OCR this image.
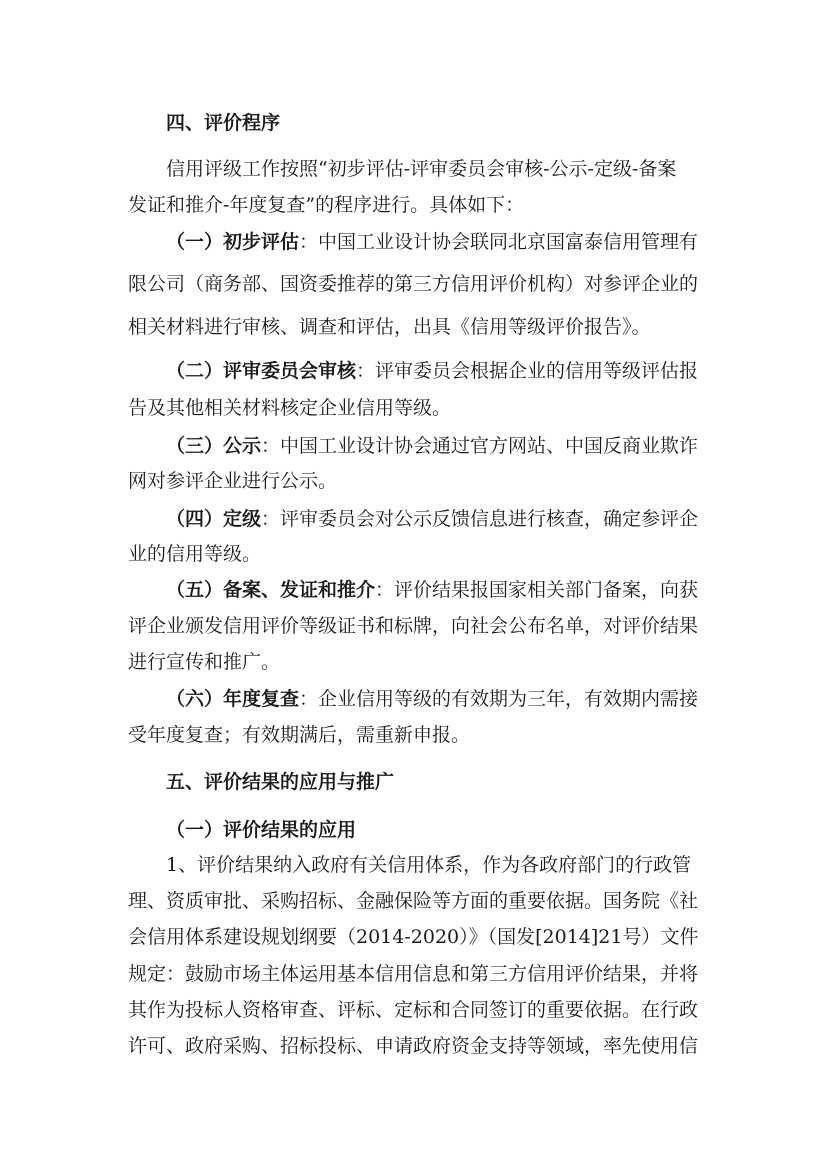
四、评价程序
信用评级工作按照“初步评估-评审委员会审核-公示-定级-备案
发证和推介-年度复查”的程序进行。具体如下：
（一）初步评估：中国工业设计协会联同北京国富泰信用管理有
限公司（商务部、国资委推荐的第三方信用评价机构）对参评企业的
相关材料进行审核、调查和评估，出具《信用等级评价报告》。
（二）评审委员会审核：评审委员会根据企业的信用等级评估报
告及其他相关材料核定企业信用等级。
（三）公示：中国工业设计协会通过官方网站、中国反商业欺诈
网对参评企业进行公示。
（四）定级：评审委员会对公示反馈信息进行核查，确定参评企
业的信用等级。
（五）备案、发证和推介：评价结果报国家相关部门备案，向获
评企业颁发信用评价等级证书和标牌，向社会公布名单，对评价结果
进行宣传和推广。
（六）年度复查：企业信用等级的有效期为三年，有效期内需接
受年度复查；有效期满后，需重新申报。
五、评价结果的应用与推广
（一）评价结果的应用
1、评价结果纳入政府有关信用体系，作为各政府部门的行政管
理、资质审批、采购招标、金融保险等方面的重要依据。国务院《社
会信用体系建设规划纲要（2014-2020）》（国发[2014]21号）文件
规定：鼓励市场主体运用基本信用信息和第三方信用评价结果，并将
其作为投标人资格审查、评标、定标和合同签订的重要依据。在行政
许可、政府采购、招标投标、申请政府资金支持等领域，率先使用信
